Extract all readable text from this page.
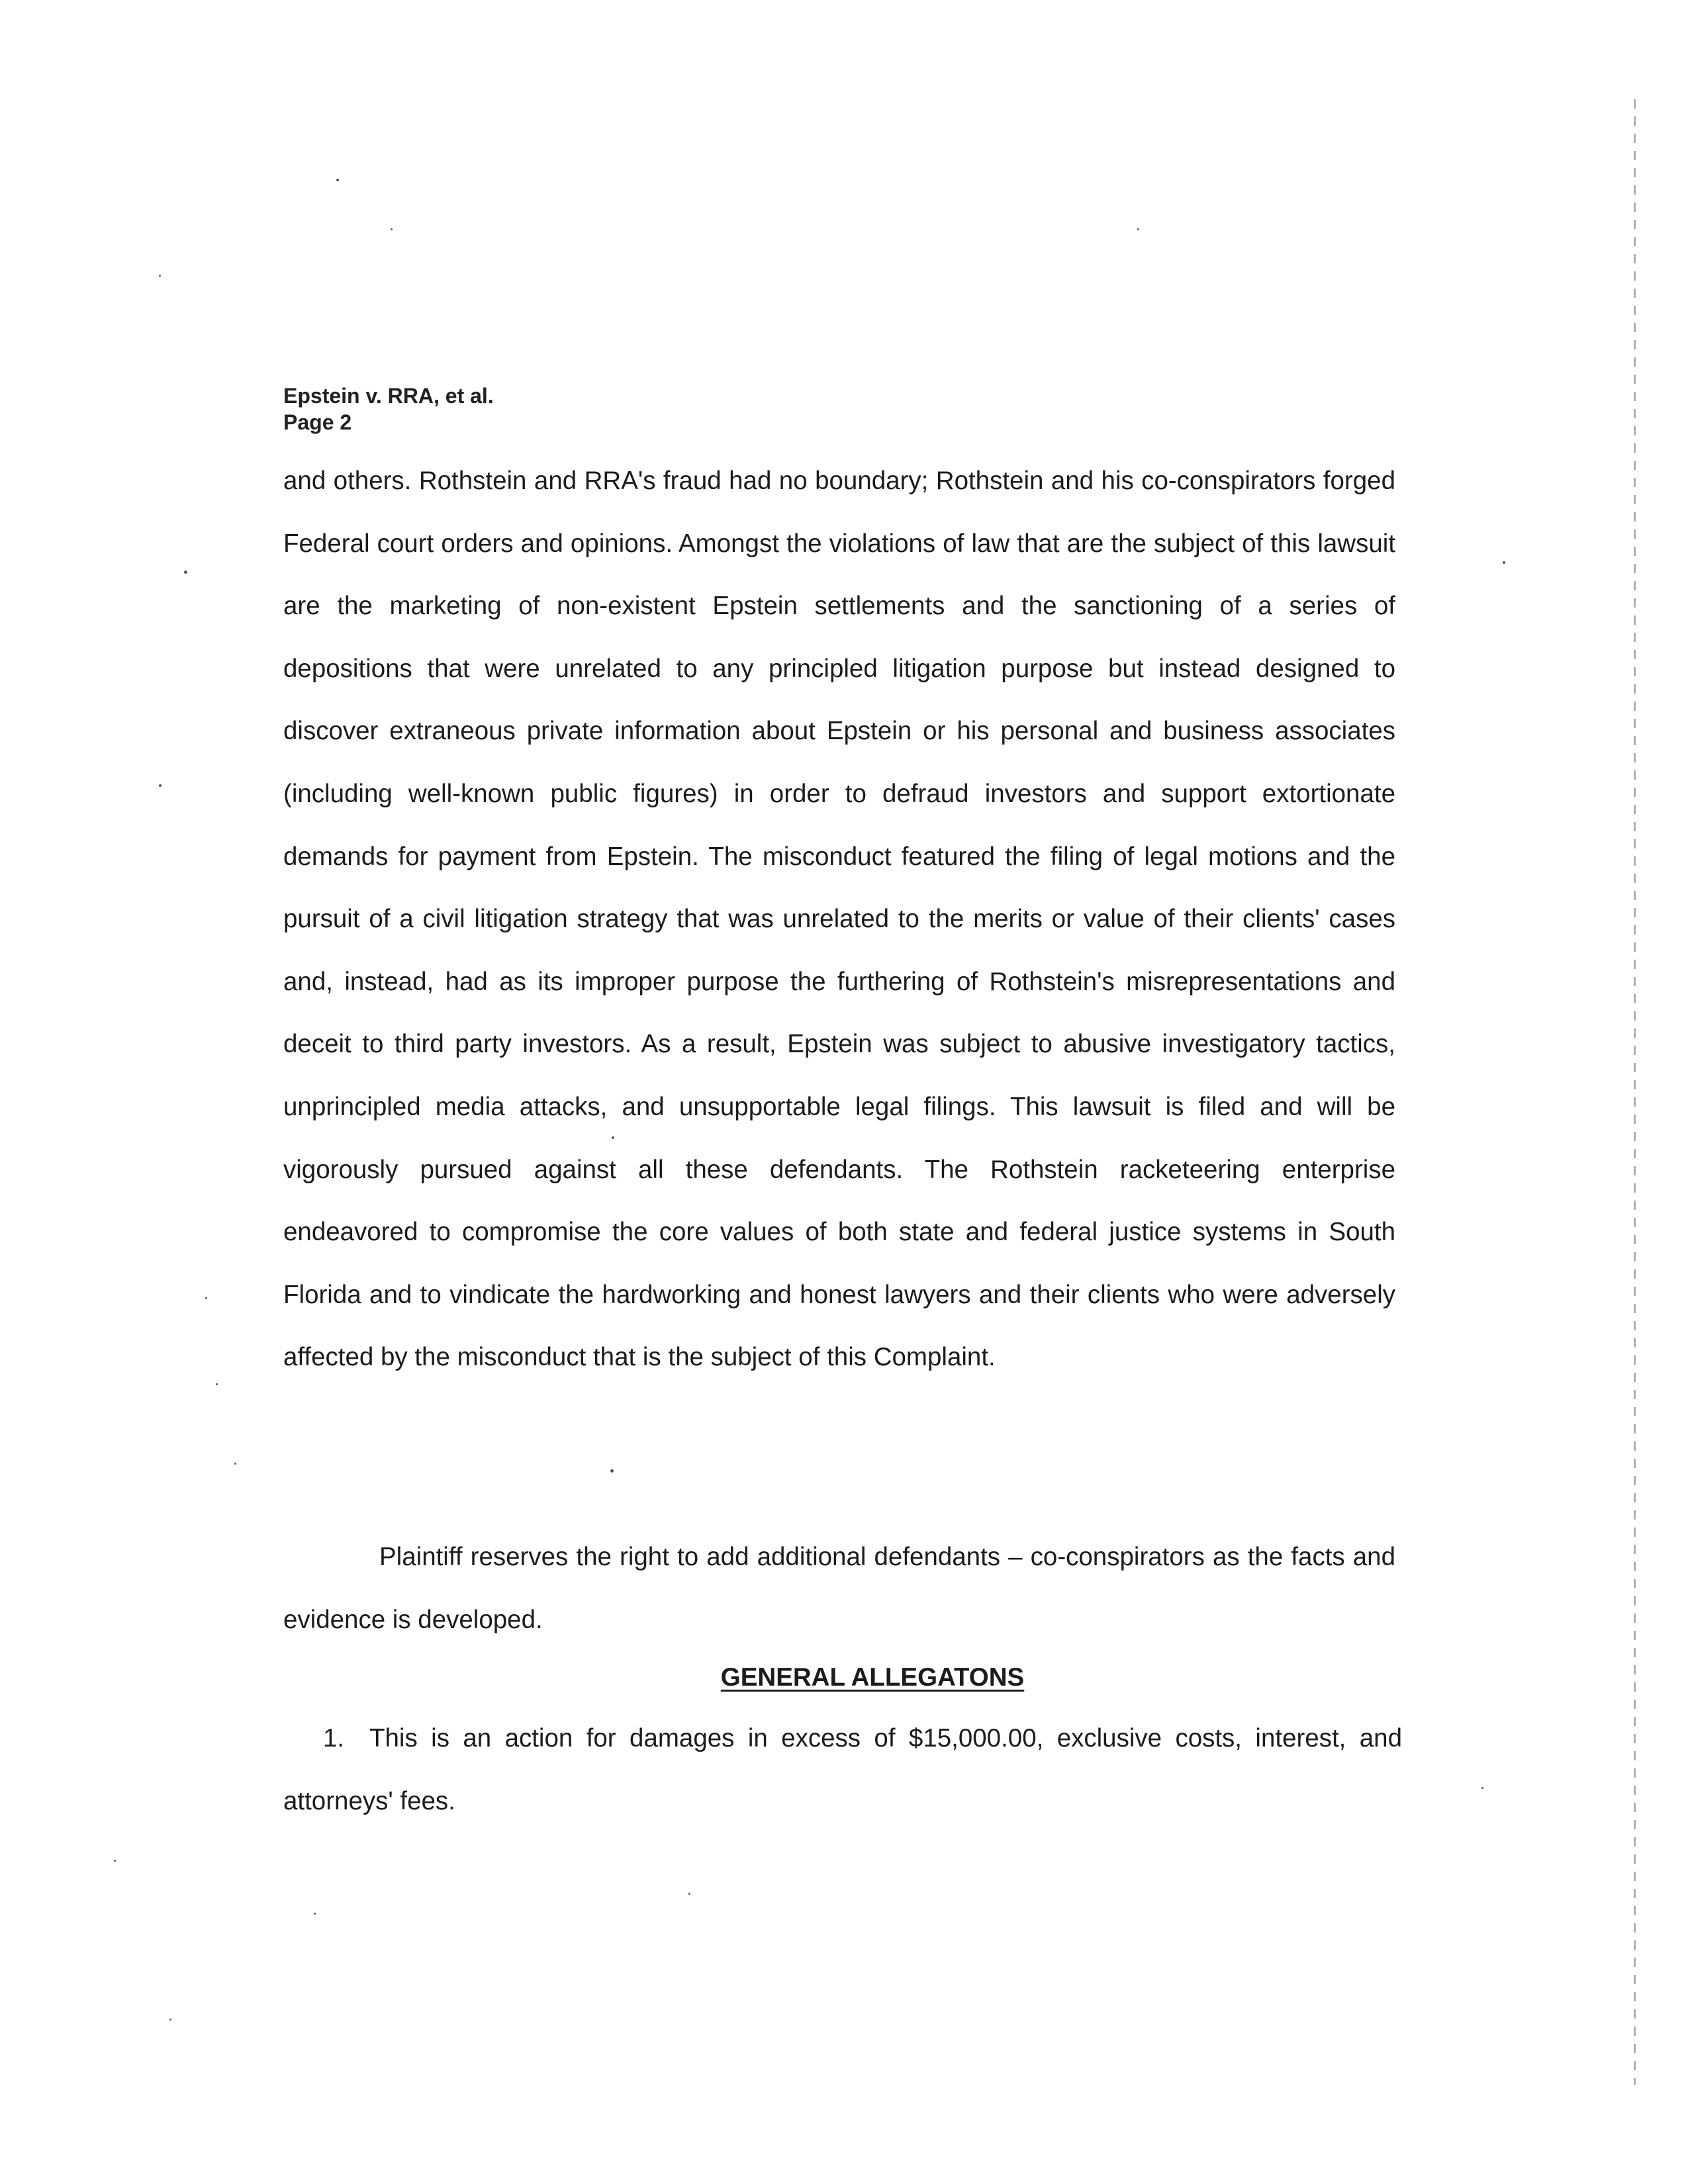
Epstein v. RRA, et al.
Page 2
and others. Rothstein and RRA's fraud had no boundary; Rothstein and his co-conspirators forged Federal court orders and opinions. Amongst the violations of law that are the subject of this lawsuit are the marketing of non-existent Epstein settlements and the sanctioning of a series of depositions that were unrelated to any principled litigation purpose but instead designed to discover extraneous private information about Epstein or his personal and business associates (including well-known public figures) in order to defraud investors and support extortionate demands for payment from Epstein. The misconduct featured the filing of legal motions and the pursuit of a civil litigation strategy that was unrelated to the merits or value of their clients' cases and, instead, had as its improper purpose the furthering of Rothstein's misrepresentations and deceit to third party investors. As a result, Epstein was subject to abusive investigatory tactics, unprincipled media attacks, and unsupportable legal filings. This lawsuit is filed and will be vigorously pursued against all these defendants. The Rothstein racketeering enterprise endeavored to compromise the core values of both state and federal justice systems in South Florida and to vindicate the hardworking and honest lawyers and their clients who were adversely affected by the misconduct that is the subject of this Complaint.
Plaintiff reserves the right to add additional defendants – co-conspirators as the facts and evidence is developed.
GENERAL ALLEGATONS
1. This is an action for damages in excess of $15,000.00, exclusive costs, interest, and attorneys' fees.
